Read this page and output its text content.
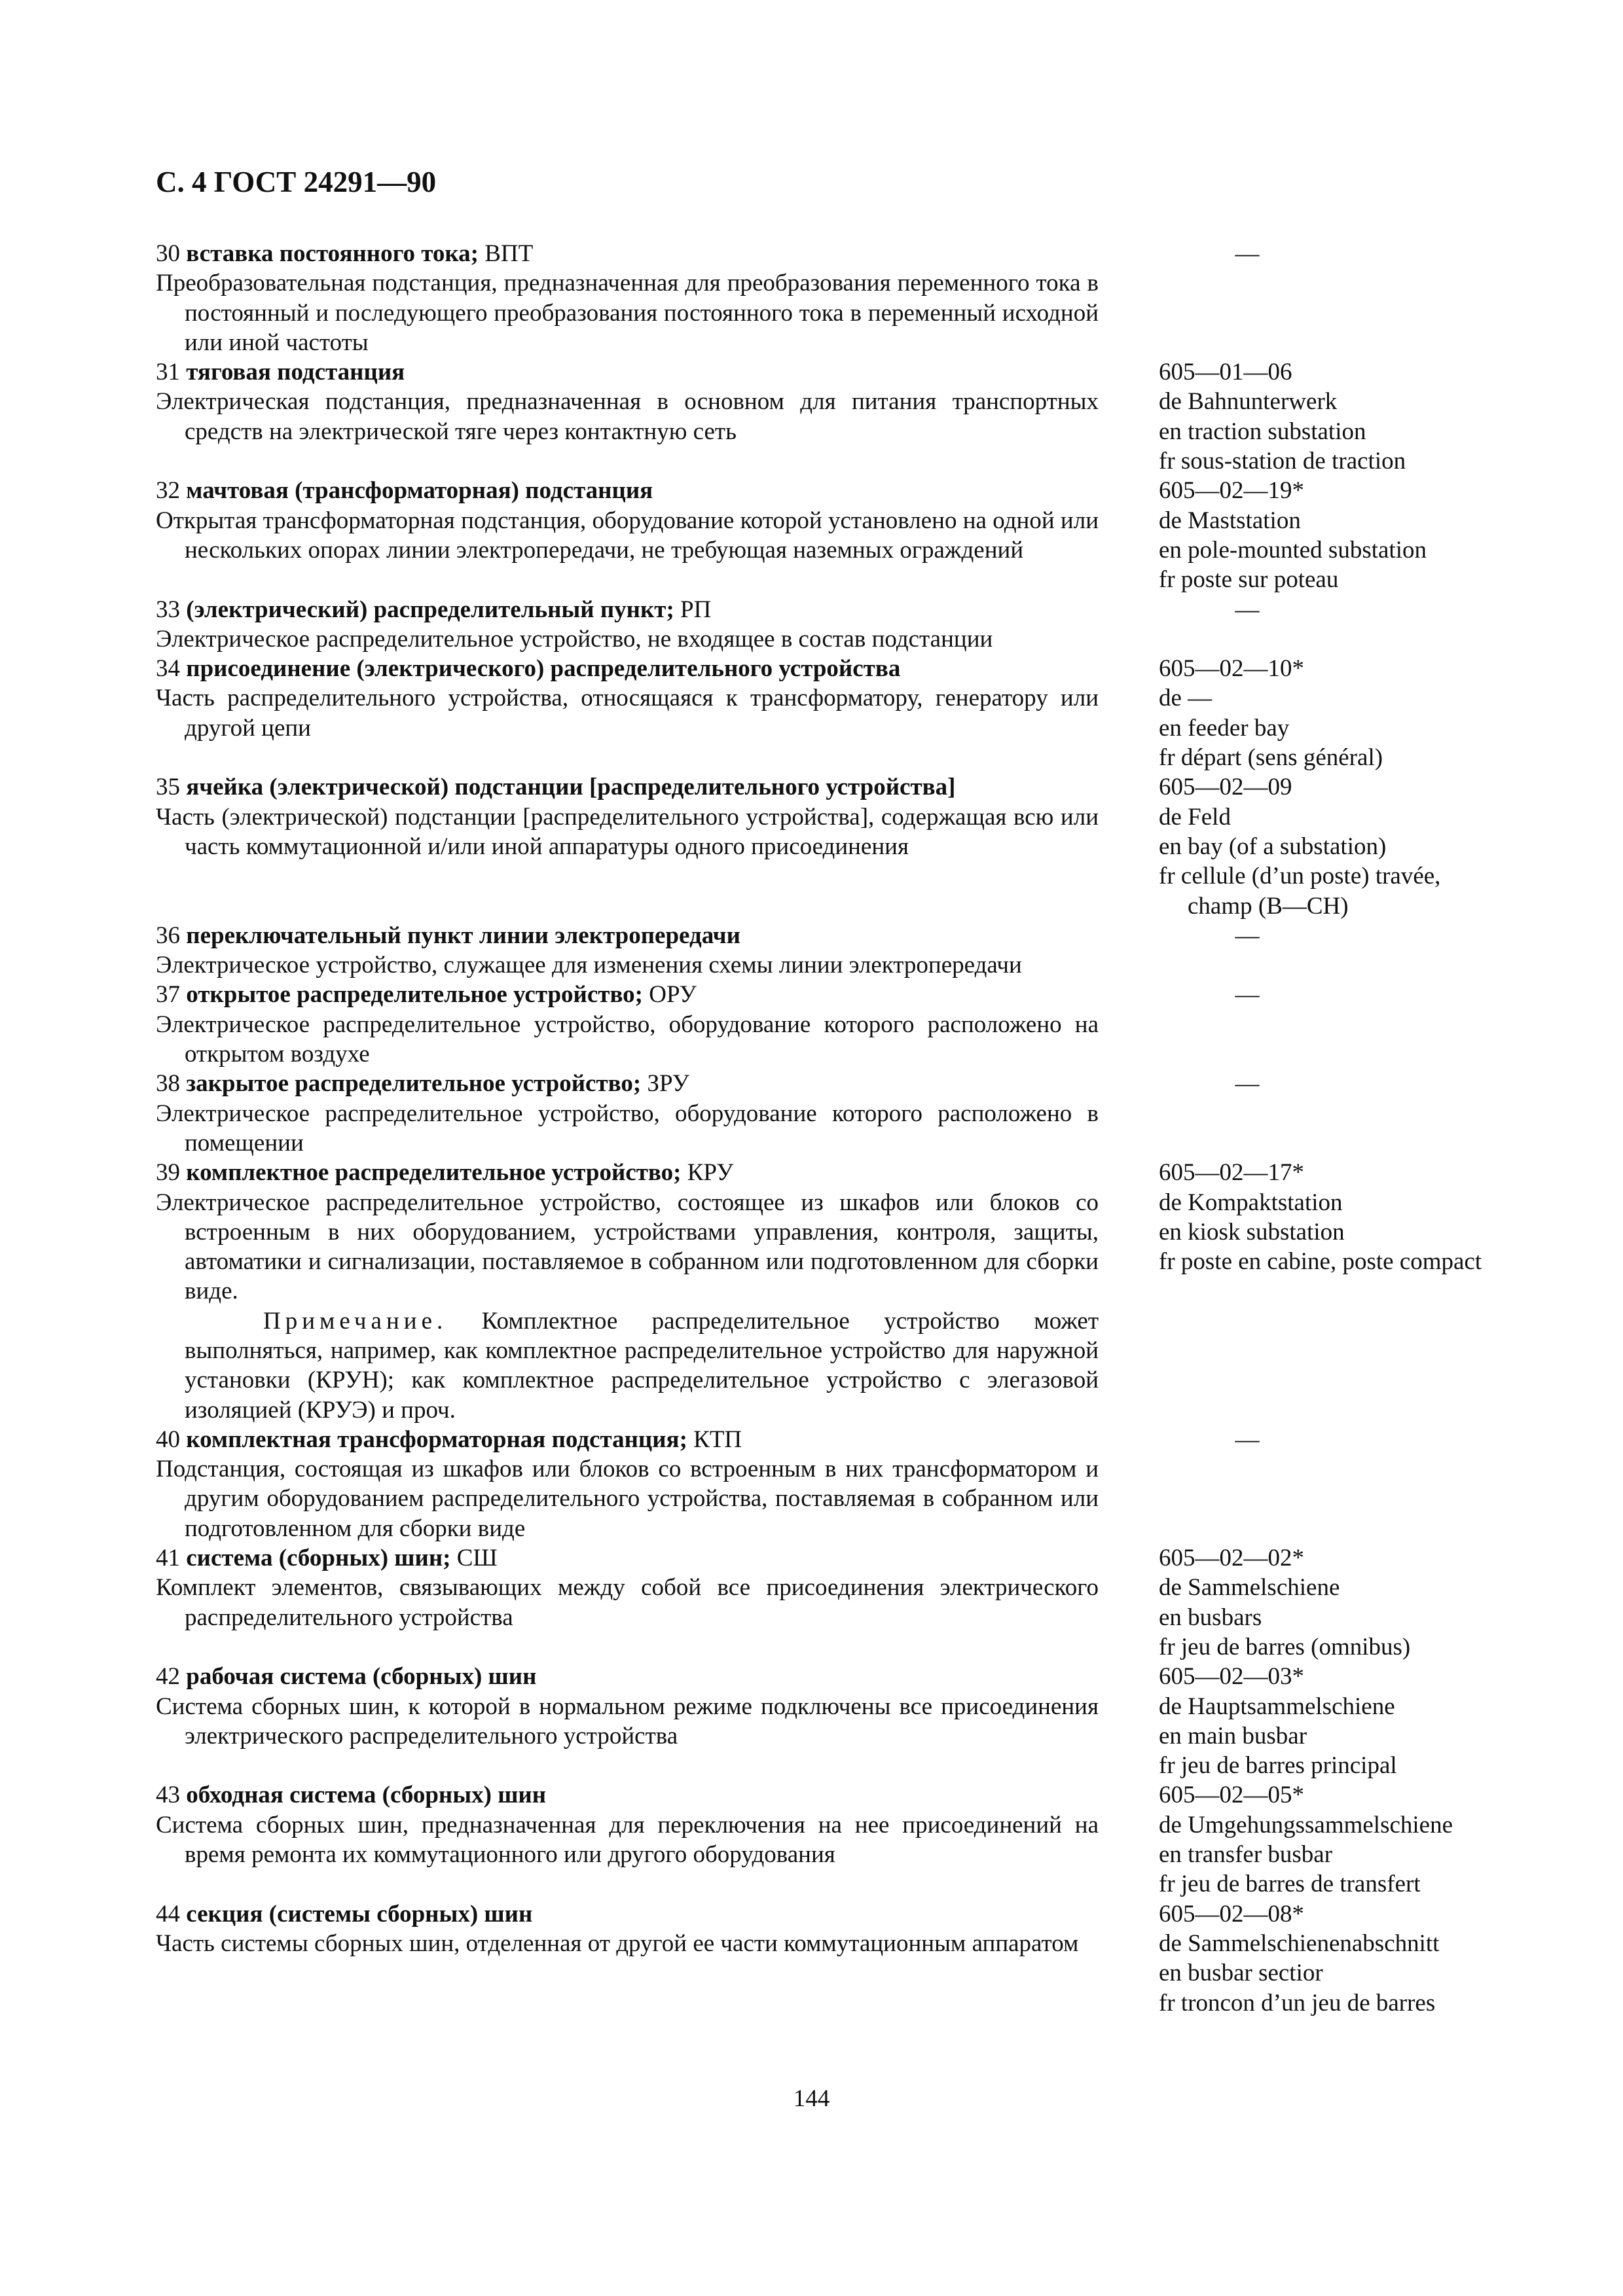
С. 4 ГОСТ 24291—90
30 вставка постоянного тока; ВПТ
Преобразовательная подстанция, предназначенная для преобразования переменного тока в постоянный и последующего преобразования постоянного тока в переменный исходной или иной частоты
—
31 тяговая подстанция
Электрическая подстанция, предназначенная в основном для питания транспортных средств на электрической тяге через контактную сеть
605—01—06
de Bahnunterwerk
en traction substation
fr sous-station de traction
32 мачтовая (трансформаторная) подстанция
Открытая трансформаторная подстанция, оборудование которой установлено на одной или нескольких опорах линии электропередачи, не требующая наземных ограждений
605—02—19*
de Maststation
en pole-mounted substation
fr poste sur poteau
33 (электрический) распределительный пункт; РП
Электрическое распределительное устройство, не входящее в состав подстанции
—
34 присоединение (электрического) распределительного устройства
Часть распределительного устройства, относящаяся к трансформатору, генератору или другой цепи
605—02—10*
de —
en feeder bay
fr départ (sens général)
35 ячейка (электрической) подстанции [распределительного устройства]
Часть (электрической) подстанции [распределительного устройства], содержащая всю или часть коммутационной и/или иной аппаратуры одного присоединения
605—02—09
de Feld
en bay (of a substation)
fr cellule (d’un poste) travée, champ (B—CH)
36 переключательный пункт линии электропередачи
Электрическое устройство, служащее для изменения схемы линии электропередачи
—
37 открытое распределительное устройство; ОРУ
Электрическое распределительное устройство, оборудование которого расположено на открытом воздухе
—
38 закрытое распределительное устройство; ЗРУ
Электрическое распределительное устройство, оборудование которого расположено в помещении
—
39 комплектное распределительное устройство; КРУ
Электрическое распределительное устройство, состоящее из шкафов или блоков со встроенным в них оборудованием, устройствами управления, контроля, защиты, автоматики и сигнализации, поставляемое в собранном или подготовленном для сборки виде.
Примечание. Комплектное распределительное устройство может выполняться, например, как комплектное распределительное устройство для наружной установки (КРУН); как комплектное распределительное устройство с элегазовой изоляцией (КРУЭ) и проч.
605—02—17*
de Kompaktstation
en kiosk substation
fr poste en cabine, poste compact
40 комплектная трансформаторная подстанция; КТП
Подстанция, состоящая из шкафов или блоков со встроенным в них трансформатором и другим оборудованием распределительного устройства, поставляемая в собранном или подготовленном для сборки виде
—
41 система (сборных) шин; СШ
Комплект элементов, связывающих между собой все присоединения электрического распределительного устройства
605—02—02*
de Sammelschiene
en busbars
fr jeu de barres (omnibus)
42 рабочая система (сборных) шин
Система сборных шин, к которой в нормальном режиме подключены все присоединения электрического распределительного устройства
605—02—03*
de Hauptsammelschiene
en main busbar
fr jeu de barres principal
43 обходная система (сборных) шин
Система сборных шин, предназначенная для переключения на нее присоединений на время ремонта их коммутационного или другого оборудования
605—02—05*
de Umgehungssammelschiene
en transfer busbar
fr jeu de barres de transfert
44 секция (системы сборных) шин
Часть системы сборных шин, отделенная от другой ее части коммутационным аппаратом
605—02—08*
de Sammelschienenabschnitt
en busbar sectior
fr troncon d’un jeu de barres
144
